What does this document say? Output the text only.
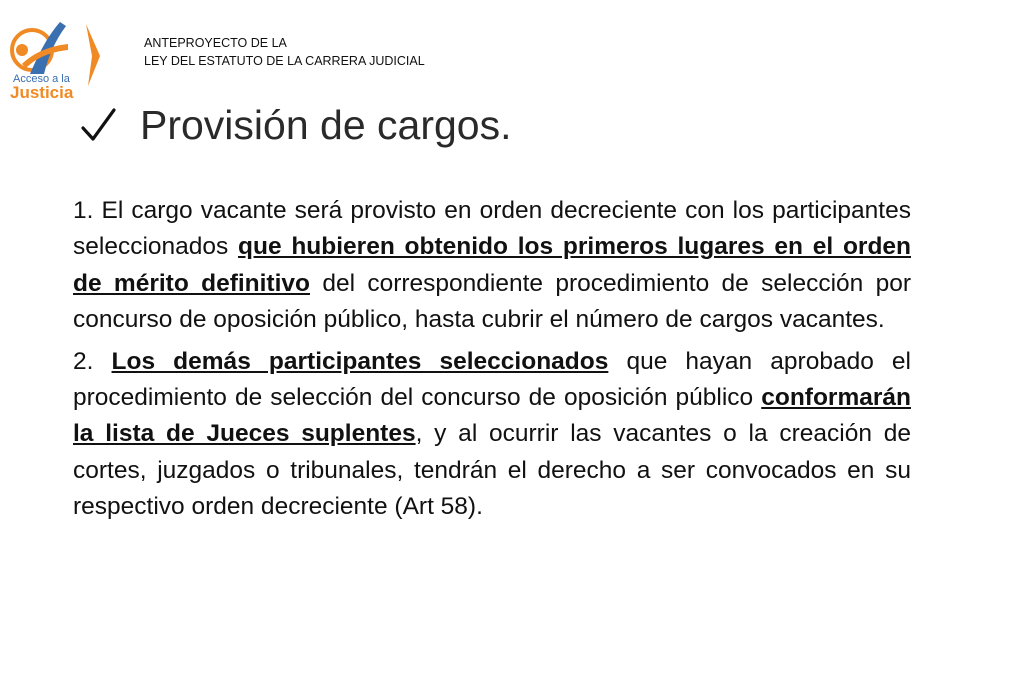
Acceso a la
Justicia
ANTEPROYECTO DE LA
LEY DEL ESTATUTO DE LA CARRERA JUDICIAL
Provisión de cargos.

1. El cargo vacante será provisto en orden decreciente con los participantes seleccionados que hubieren obtenido los primeros lugares en el orden de mérito definitivo del correspondiente procedimiento de selección por concurso de oposición público, hasta cubrir el número de cargos vacantes.

2. Los demás participantes seleccionados que hayan aprobado el procedimiento de selección del concurso de oposición público conformarán la lista de Jueces suplentes, y al ocurrir las vacantes o la creación de cortes, juzgados o tribunales, tendrán el derecho a ser convocados en su respectivo orden decreciente (Art 58).
